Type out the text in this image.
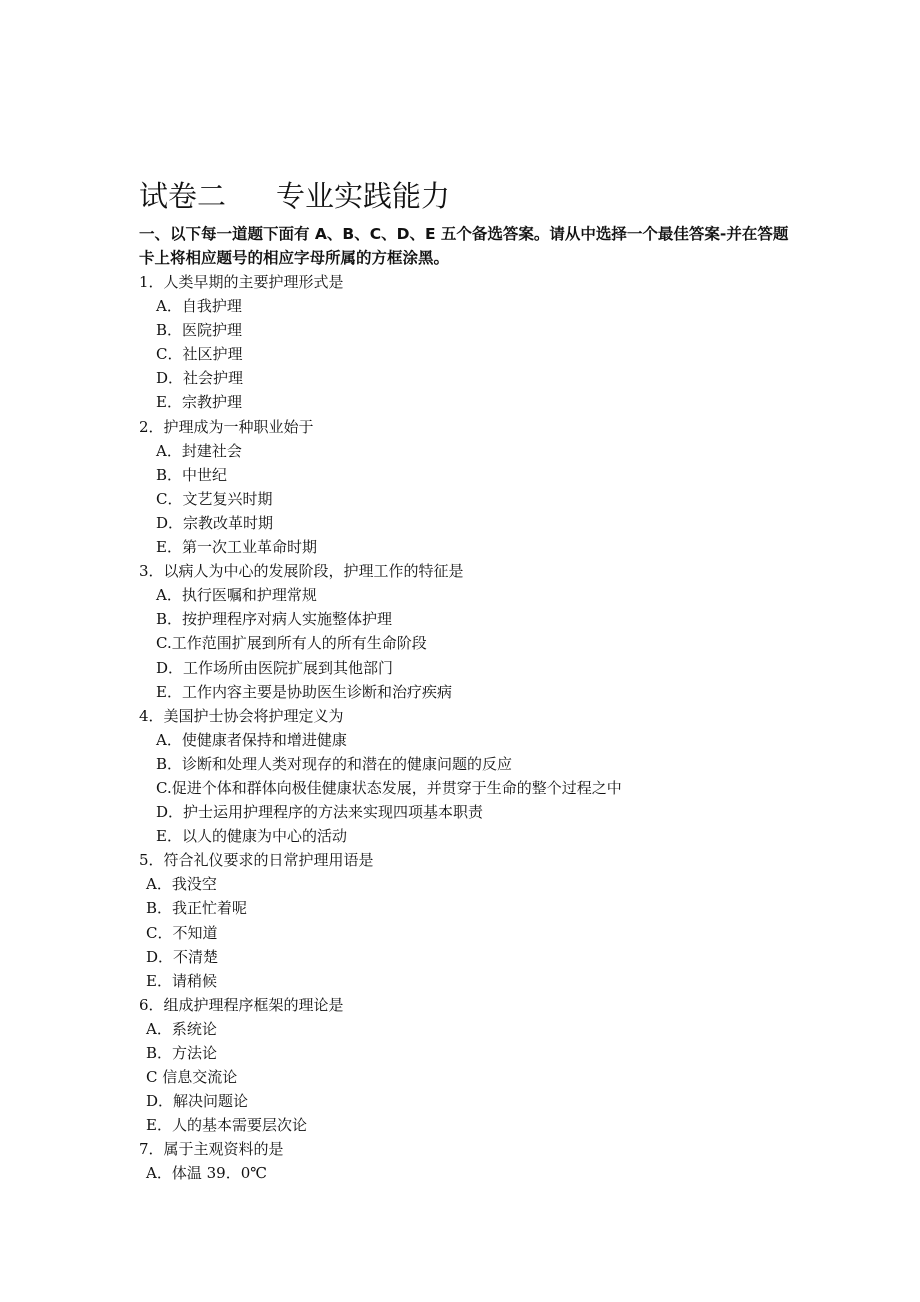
试卷二 专业实践能力
一、以下每一道题下面有 A、B、C、D、E 五个备选答案。请从中选择一个最佳答案-并在答题卡上将相应题号的相应字母所属的方框涂黑。
1．人类早期的主要护理形式是
A．自我护理
B．医院护理
C．社区护理
D．社会护理
E．宗教护理
2．护理成为一种职业始于
A．封建社会
B．中世纪
C．文艺复兴时期
D．宗教改革时期
E．第一次工业革命时期
3．以病人为中心的发展阶段，护理工作的特征是
A．执行医嘱和护理常规
B．按护理程序对病人实施整体护理
C.工作范围扩展到所有人的所有生命阶段
D．工作场所由医院扩展到其他部门
E．工作内容主要是协助医生诊断和治疗疾病
4．美国护士协会将护理定义为
A．使健康者保持和增进健康
B．诊断和处理人类对现存的和潜在的健康问题的反应
C.促进个体和群体向极佳健康状态发展，并贯穿于生命的整个过程之中
D．护士运用护理程序的方法来实现四项基本职责
E．以人的健康为中心的活动
5．符合礼仪要求的日常护理用语是
A．我没空
B．我正忙着呢
C．不知道
D．不清楚
E．请稍候
6．组成护理程序框架的理论是
A．系统论
B．方法论
C 信息交流论
D．解决问题论
E．人的基本需要层次论
7．属于主观资料的是
A．体温 39．0℃
